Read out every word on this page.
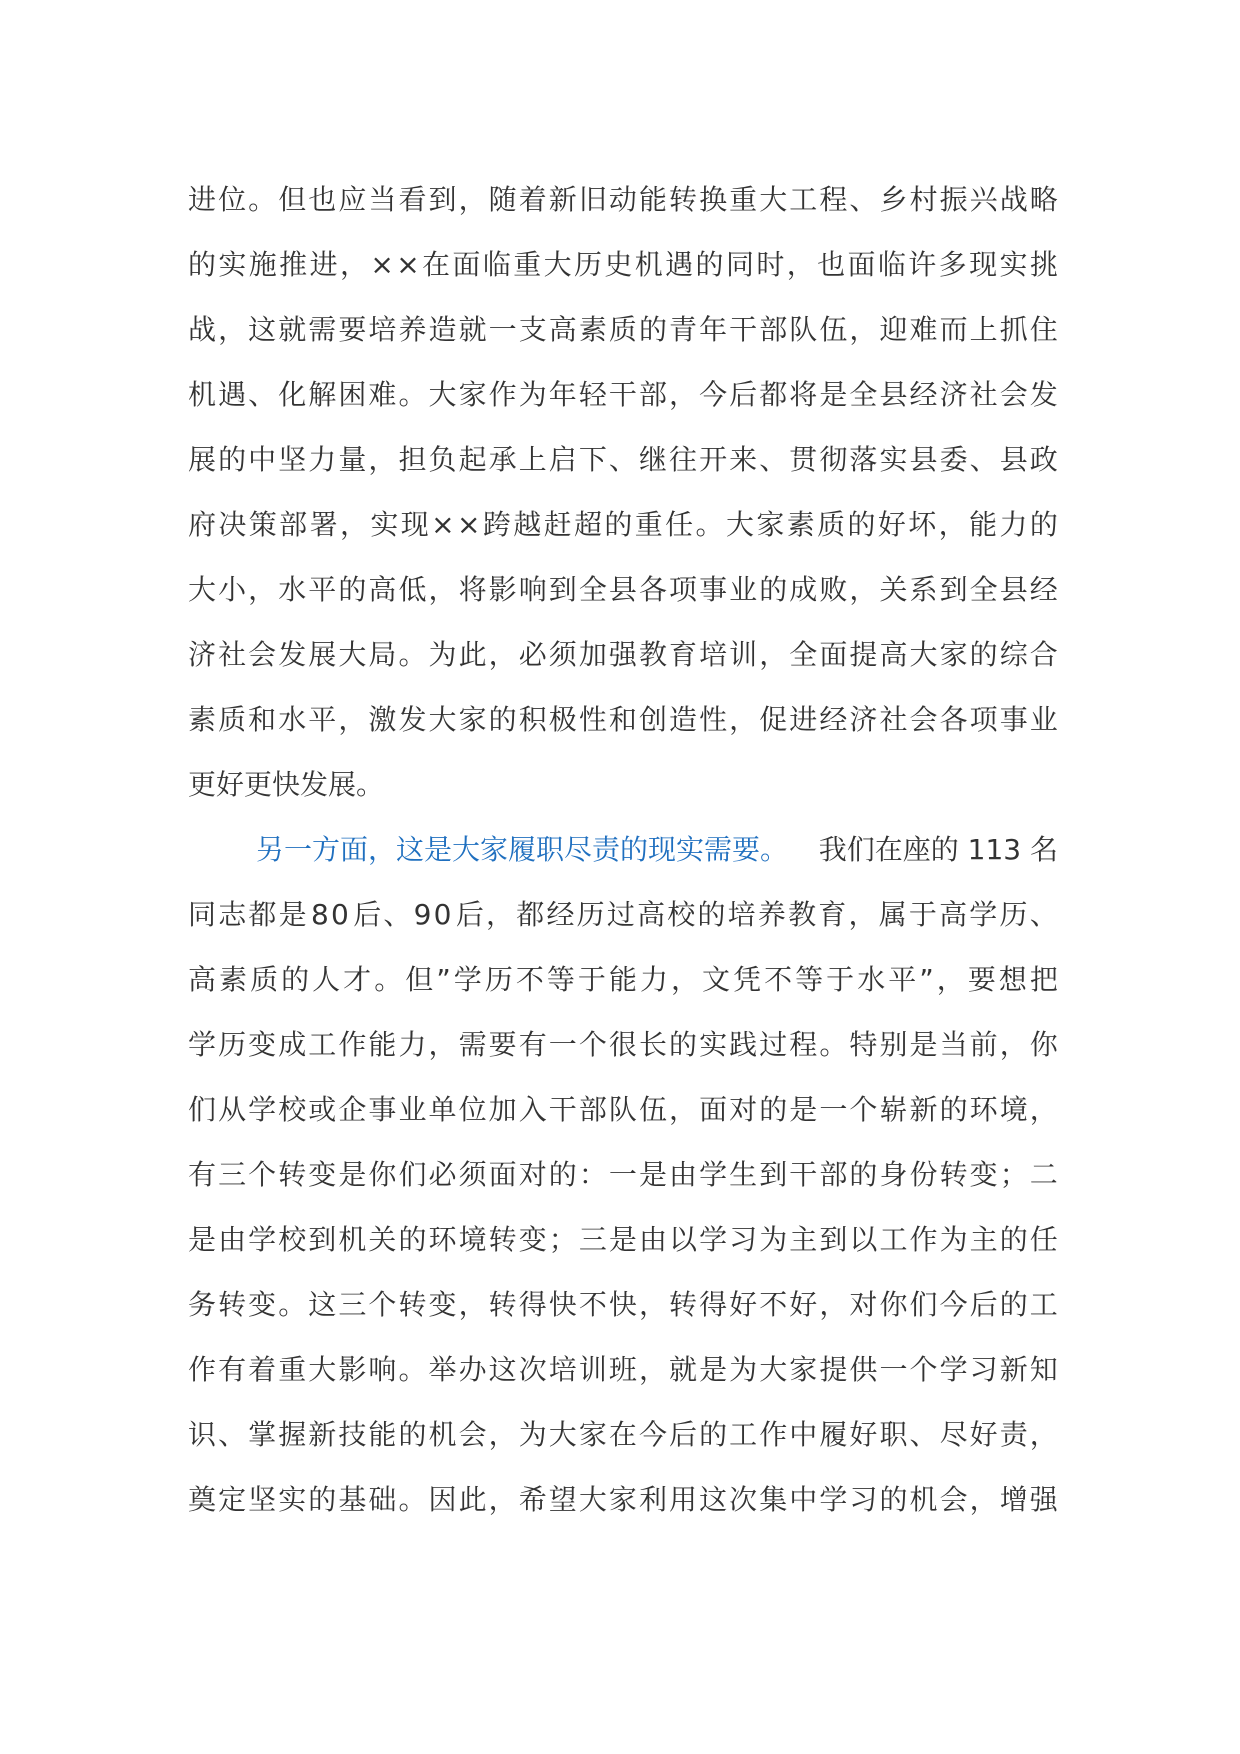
进 位 。 但 也 应 当 看 到 ， 随 着 新 旧 动 能 转 换 重 大 工 程 、 乡 村 振 兴 战 略
的 实 施 推 进 ， × × 在 面 临 重 大 历 史 机 遇 的 同 时 ， 也 面 临 许 多 现 实 挑
战 ， 这 就 需 要 培 养 造 就 一 支 高 素 质 的 青 年 干 部 队 伍 ， 迎 难 而 上 抓 住
机 遇 、 化 解 困 难 。 大 家 作 为 年 轻 干 部 ， 今 后 都 将 是 全 县 经 济 社 会 发
展 的 中 坚 力 量 ， 担 负 起 承 上 启 下 、 继 往 开 来 、 贯 彻 落 实 县 委 、 县 政
府 决 策 部 署 ， 实 现 × × 跨 越 赶 超 的 重 任 。 大 家 素 质 的 好 坏 ， 能 力 的
大 小 ， 水 平 的 高 低 ， 将 影 响 到 全 县 各 项 事 业 的 成 败 ， 关 系 到 全 县 经
济 社 会 发 展 大 局 。 为 此 ， 必 须 加 强 教 育 培 训 ， 全 面 提 高 大 家 的 综 合
素 质 和 水 平 ， 激 发 大 家 的 积 极 性 和 创 造 性 ， 促 进 经 济 社 会 各 项 事 业
更好更快发展。
另一方面，这是大家履职尽责的现实需要。 我们在座的 113 名
同 志 都 是 8 0 后 、 9 0 后 ， 都 经 历 过 高 校 的 培 养 教 育 ， 属 于 高 学 历 、
高 素 质 的 人 才 。 但 ” 学 历 不 等 于 能 力 ， 文 凭 不 等 于 水 平 ” ， 要 想 把
学 历 变 成 工 作 能 力 ， 需 要 有 一 个 很 长 的 实 践 过 程 。 特 别 是 当 前 ， 你
们 从 学 校 或 企 事 业 单 位 加 入 干 部 队 伍 ， 面 对 的 是 一 个 崭 新 的 环 境 ，
有 三 个 转 变 是 你 们 必 须 面 对 的 ： 一 是 由 学 生 到 干 部 的 身 份 转 变 ； 二
是 由 学 校 到 机 关 的 环 境 转 变 ； 三 是 由 以 学 习 为 主 到 以 工 作 为 主 的 任
务 转 变 。 这 三 个 转 变 ， 转 得 快 不 快 ， 转 得 好 不 好 ， 对 你 们 今 后 的 工
作 有 着 重 大 影 响 。 举 办 这 次 培 训 班 ， 就 是 为 大 家 提 供 一 个 学 习 新 知
识 、 掌 握 新 技 能 的 机 会 ， 为 大 家 在 今 后 的 工 作 中 履 好 职 、 尽 好 责 ，
奠 定 坚 实 的 基 础 。 因 此 ， 希 望 大 家 利 用 这 次 集 中 学 习 的 机 会 ， 增 强
